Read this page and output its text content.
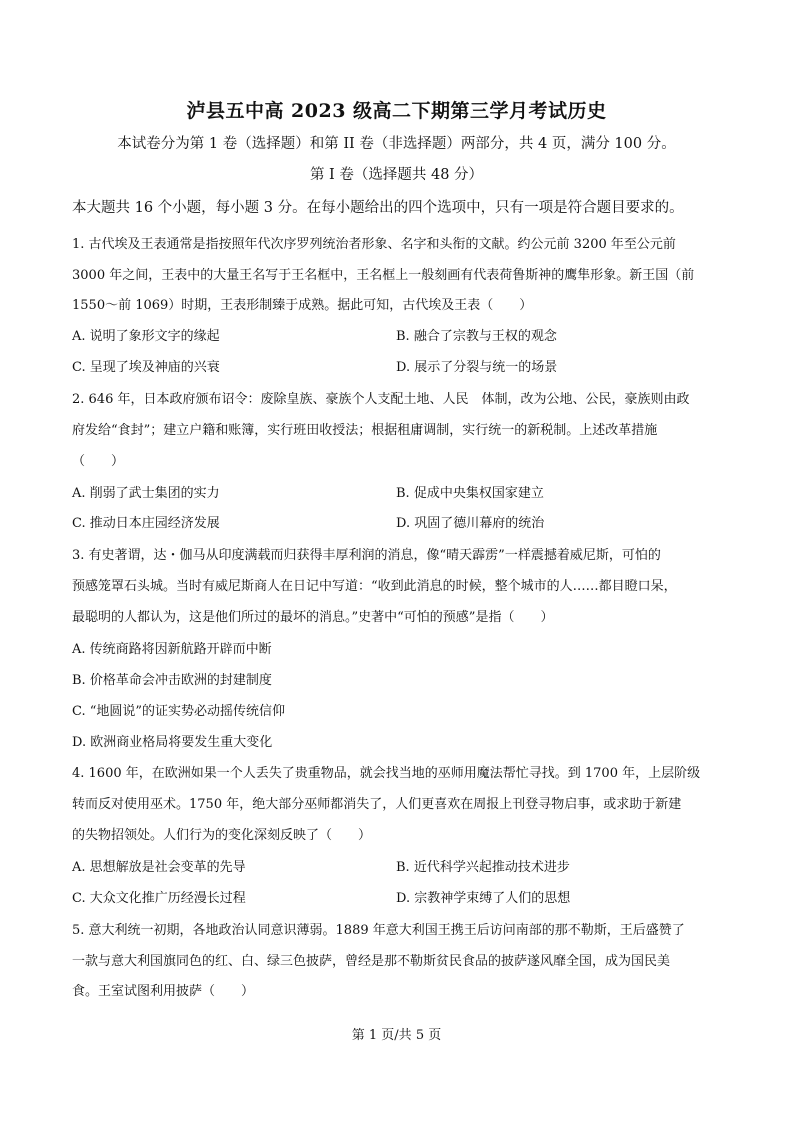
泸县五中高 2023 级高二下期第三学月考试历史
本试卷分为第 1 卷（选择题）和第 II 卷（非选择题）两部分，共 4 页，满分 100 分。
第 I 卷（选择题共 48 分）
本大题共 16 个小题，每小题 3 分。在每小题给出的四个选项中，只有一项是符合题目要求的。
1. 古代埃及王表通常是指按照年代次序罗列统治者形象、名字和头衔的文献。约公元前 3200 年至公元前
3000 年之间，王表中的大量王名写于王名框中，王名框上一般刻画有代表荷鲁斯神的鹰隼形象。新王国（前
1550～前 1069）时期，王表形制臻于成熟。据此可知，古代埃及王表（　　）
A. 说明了象形文字的缘起	B. 融合了宗教与王权的观念
C. 呈现了埃及神庙的兴衰	D. 展示了分裂与统一的场景
2. 646 年，日本政府颁布诏令：废除皇族、豪族个人支配土地、人民　体制，改为公地、公民，豪族则由政
府发给“食封”；建立户籍和账簿，实行班田收授法；根据租庸调制，实行统一的新税制。上述改革措施
（　　）
A. 削弱了武士集团的实力	B. 促成中央集权国家建立
C. 推动日本庄园经济发展	D. 巩固了德川幕府的统治
3. 有史著谓，达・伽马从印度满载而归获得丰厚利润的消息，像“晴天霹雳”一样震撼着威尼斯，可怕的
预感笼罩石头城。当时有威尼斯商人在日记中写道：“收到此消息的时候，整个城市的人……都目瞪口呆，
最聪明的人都认为，这是他们所过的最坏的消息。”史著中“可怕的预感”是指（　　）
A. 传统商路将因新航路开辟而中断
B. 价格革命会冲击欧洲的封建制度
C. “地圆说”的证实势必动摇传统信仰
D. 欧洲商业格局将要发生重大变化
4. 1600 年，在欧洲如果一个人丢失了贵重物品，就会找当地的巫师用魔法帮忙寻找。到 1700 年，上层阶级
转而反对使用巫术。1750 年，绝大部分巫师都消失了，人们更喜欢在周报上刊登寻物启事，或求助于新建
的失物招领处。人们行为的变化深刻反映了（　　）
A. 思想解放是社会变革的先导	B. 近代科学兴起推动技术进步
C. 大众文化推广历经漫长过程	D. 宗教神学束缚了人们的思想
5. 意大利统一初期，各地政治认同意识薄弱。1889 年意大利国王携王后访问南部的那不勒斯，王后盛赞了
一款与意大利国旗同色的红、白、绿三色披萨，曾经是那不勒斯贫民食品的披萨遂风靡全国，成为国民美
食。王室试图利用披萨（　　）
第 1 页/共 5 页
